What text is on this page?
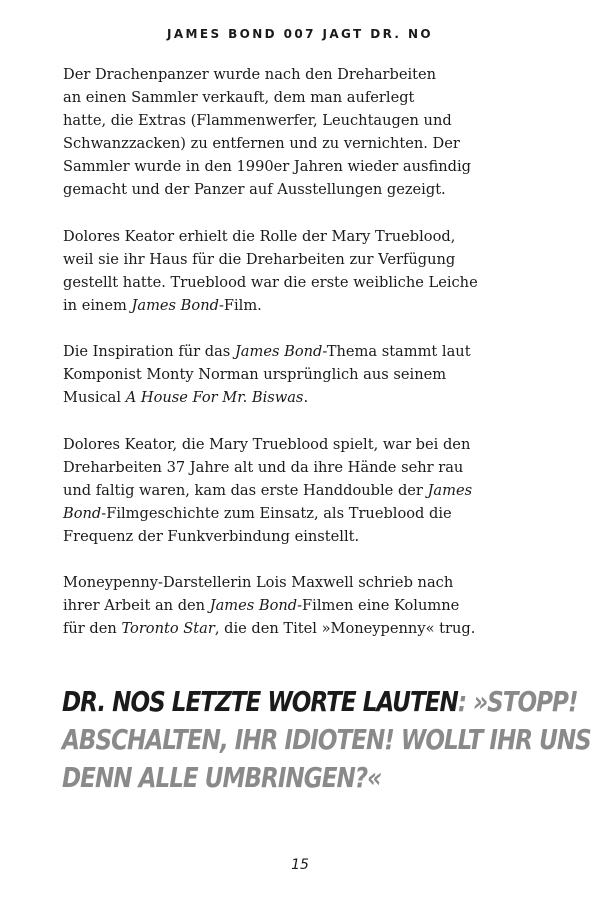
JAMES BOND 007 JAGT DR. NO

Der Drachenpanzer wurde nach den Dreharbeiten
an einen Sammler verkauft, dem man auferlegt
hatte, die Extras (Flammenwerfer, Leuchtaugen und
Schwanzzacken) zu entfernen und zu vernichten. Der
Sammler wurde in den 1990er Jahren wieder ausfindig
gemacht und der Panzer auf Ausstellungen gezeigt.

Dolores Keator erhielt die Rolle der Mary Trueblood,
weil sie ihr Haus für die Dreharbeiten zur Verfügung
gestellt hatte. Trueblood war die erste weibliche Leiche
in einem James Bond-Film.

Die Inspiration für das James Bond-Thema stammt laut
Komponist Monty Norman ursprünglich aus seinem
Musical A House For Mr. Biswas.

Dolores Keator, die Mary Trueblood spielt, war bei den
Dreharbeiten 37 Jahre alt und da ihre Hände sehr rau
und faltig waren, kam das erste Handdouble der James
Bond-Filmgeschichte zum Einsatz, als Trueblood die
Frequenz der Funkverbindung einstellt.

Moneypenny-Darstellerin Lois Maxwell schrieb nach
ihrer Arbeit an den James Bond-Filmen eine Kolumne
für den Toronto Star, die den Titel »Moneypenny« trug.

DR. NOS LETZTE WORTE LAUTEN: »STOPP!
ABSCHALTEN, IHR IDIOTEN! WOLLT IHR UNS
DENN ALLE UMBRINGEN?«
15
